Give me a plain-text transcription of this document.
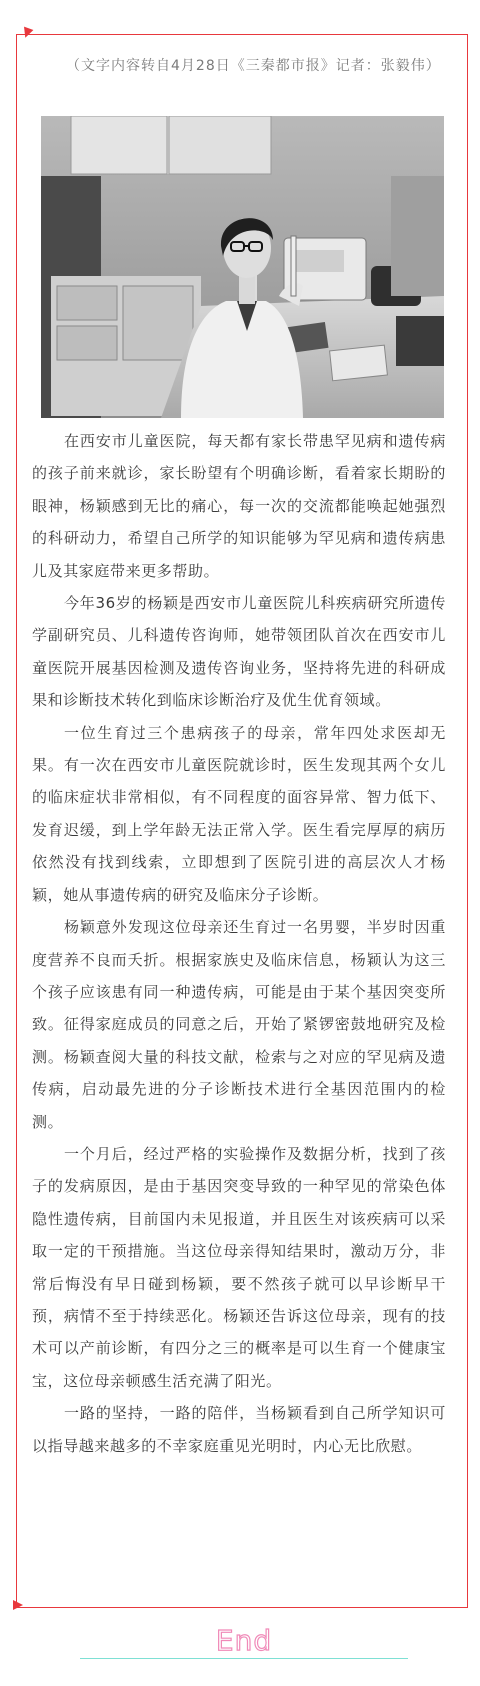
（文字内容转自4月28日《三秦都市报》记者：张毅伟）

在西安市儿童医院，每天都有家长带患罕见病和遗传病的孩子前来就诊，家长盼望有个明确诊断，看着家长期盼的眼神，杨颖感到无比的痛心，每一次的交流都能唤起她强烈的科研动力，希望自己所学的知识能够为罕见病和遗传病患儿及其家庭带来更多帮助。

今年36岁的杨颖是西安市儿童医院儿科疾病研究所遗传学副研究员、儿科遗传咨询师，她带领团队首次在西安市儿童医院开展基因检测及遗传咨询业务，坚持将先进的科研成果和诊断技术转化到临床诊断治疗及优生优育领域。

一位生育过三个患病孩子的母亲，常年四处求医却无果。有一次在西安市儿童医院就诊时，医生发现其两个女儿的临床症状非常相似，有不同程度的面容异常、智力低下、发育迟缓，到上学年龄无法正常入学。医生看完厚厚的病历依然没有找到线索，立即想到了医院引进的高层次人才杨颖，她从事遗传病的研究及临床分子诊断。

杨颖意外发现这位母亲还生育过一名男婴，半岁时因重度营养不良而夭折。根据家族史及临床信息，杨颖认为这三个孩子应该患有同一种遗传病，可能是由于某个基因突变所致。征得家庭成员的同意之后，开始了紧锣密鼓地研究及检测。杨颖查阅大量的科技文献，检索与之对应的罕见病及遗传病，启动最先进的分子诊断技术进行全基因范围内的检测。

一个月后，经过严格的实验操作及数据分析，找到了孩子的发病原因，是由于基因突变导致的一种罕见的常染色体隐性遗传病，目前国内未见报道，并且医生对该疾病可以采取一定的干预措施。当这位母亲得知结果时，激动万分，非常后悔没有早日碰到杨颖，要不然孩子就可以早诊断早干预，病情不至于持续恶化。杨颖还告诉这位母亲，现有的技术可以产前诊断，有四分之三的概率是可以生育一个健康宝宝，这位母亲顿感生活充满了阳光。

一路的坚持，一路的陪伴，当杨颖看到自己所学知识可以指导越来越多的不幸家庭重见光明时，内心无比欣慰。

End
